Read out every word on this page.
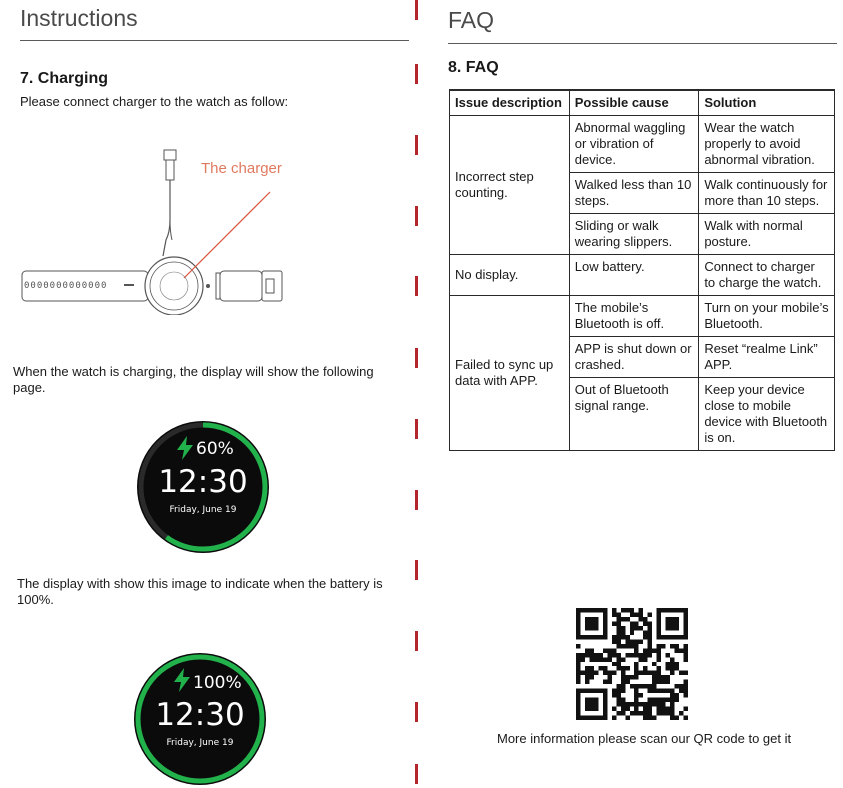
Instructions
7. Charging
Please connect charger to the watch as follow:
0000000000000
The charger
When the watch is charging, the display will show the following page.
60%
12:30
Friday, June 19
The display with show this image to indicate when the battery is 100%.
100%
12:30
Friday, June 19
FAQ
8. FAQ
Issue description	Possible cause	Solution
Incorrect step counting.	Abnormal waggling or vibration of device.	Wear the watch properly to avoid abnormal vibration.
	Walked less than 10 steps.	Walk continuously for more than 10 steps.
	Sliding or walk wearing slippers.	Walk with normal posture.
No display.	Low battery.	Connect to charger to charge the watch.
Failed to sync up data with APP.	The mobile’s Bluetooth is off.	Turn on your mobile’s Bluetooth.
	APP is shut down or crashed.	Reset “realme Link” APP.
	Out of Bluetooth signal range.	Keep your device close to mobile device with Bluetooth is on.
More information please scan our QR code to get it
